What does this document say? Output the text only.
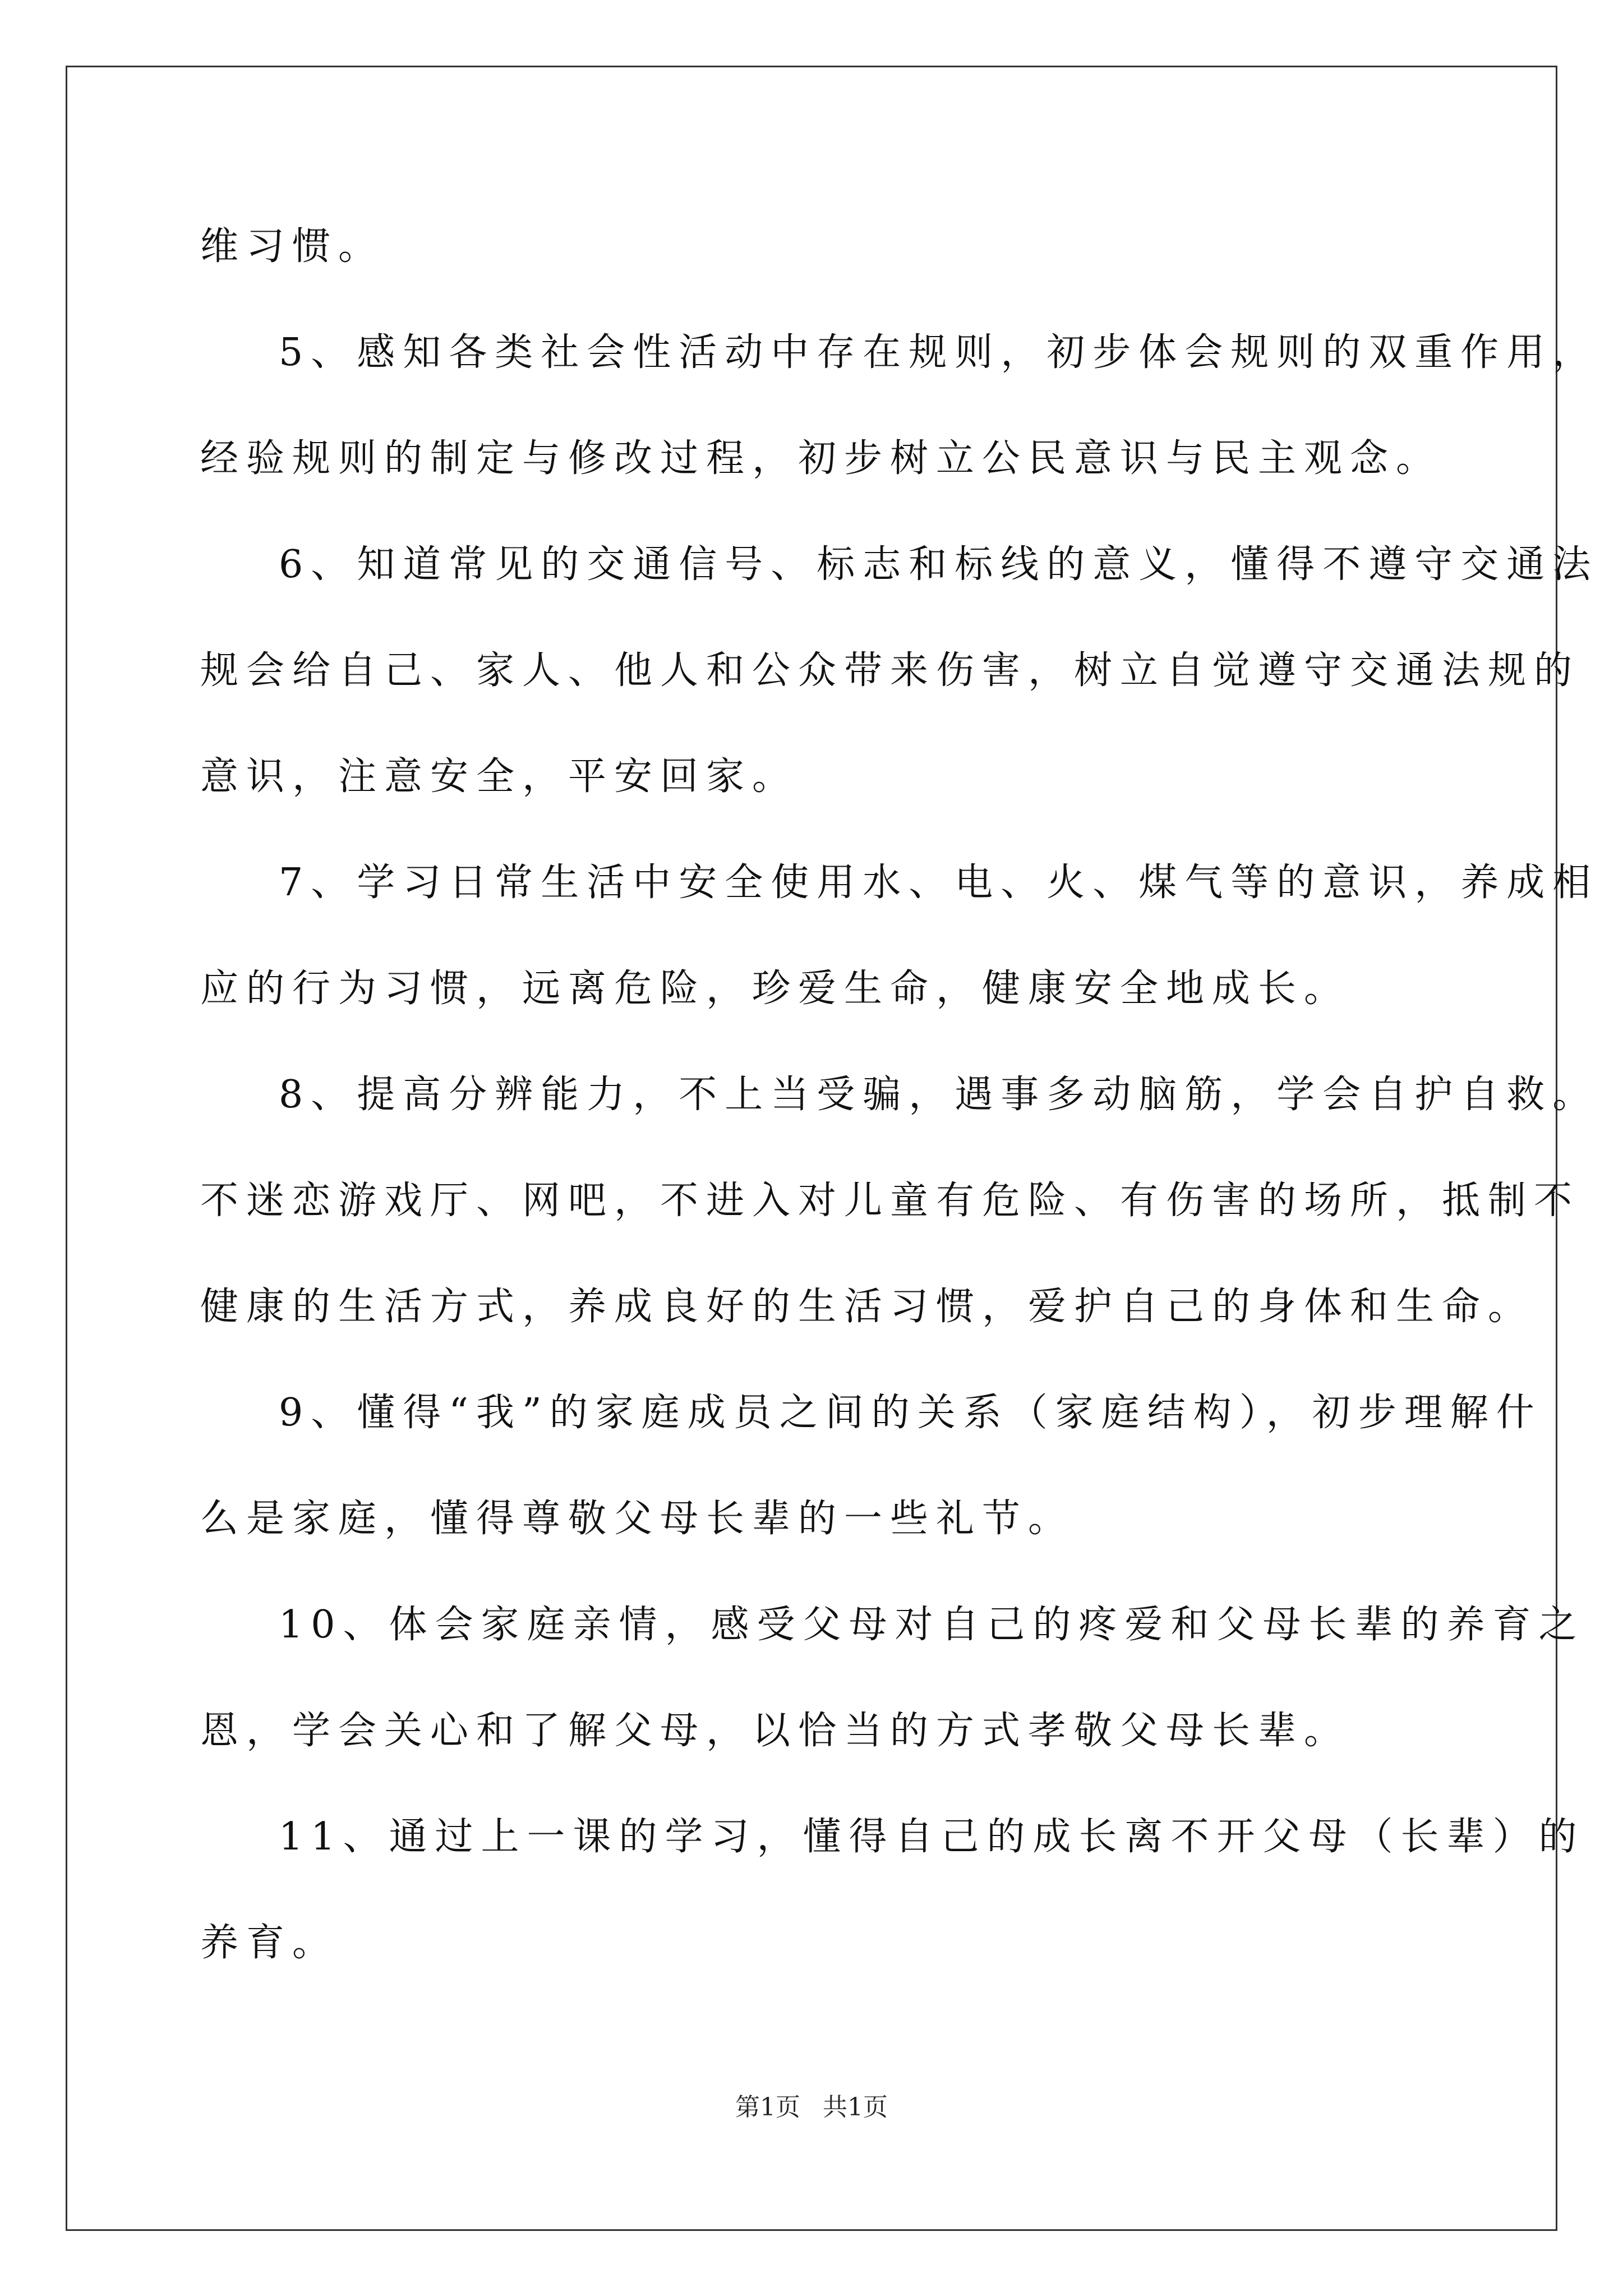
维习惯。
5、感知各类社会性活动中存在规则，初步体会规则的双重作用，
经验规则的制定与修改过程，初步树立公民意识与民主观念。
6、知道常见的交通信号、标志和标线的意义，懂得不遵守交通法
规会给自己、家人、他人和公众带来伤害，树立自觉遵守交通法规的
意识，注意安全，平安回家。
7、学习日常生活中安全使用水、电、火、煤气等的意识，养成相
应的行为习惯，远离危险，珍爱生命，健康安全地成长。
8、提高分辨能力，不上当受骗，遇事多动脑筋，学会自护自救。
不迷恋游戏厅、网吧，不进入对儿童有危险、有伤害的场所，抵制不
健康的生活方式，养成良好的生活习惯，爱护自己的身体和生命。
9、懂得“我”的家庭成员之间的关系（家庭结构），初步理解什
么是家庭，懂得尊敬父母长辈的一些礼节。
10、体会家庭亲情，感受父母对自己的疼爱和父母长辈的养育之
恩，学会关心和了解父母，以恰当的方式孝敬父母长辈。
11、通过上一课的学习，懂得自己的成长离不开父母（长辈）的
养育。
第1页 共1页
